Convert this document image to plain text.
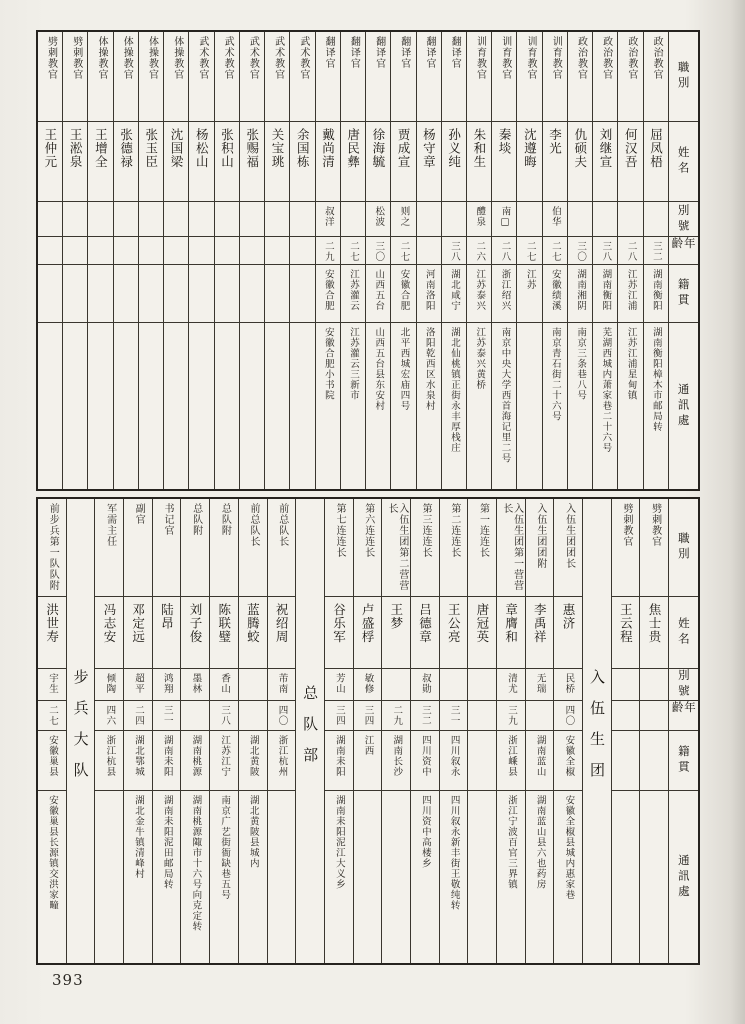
劈刺教官
王仲元
劈刺教官
王淞泉
体操教官
王增全
体操教官
张德禄
体操教官
张玉臣
体操教官
沈国梁
武术教官
杨松山
武术教官
张积山
武术教官
张赐福
武术教官
关宝珧
武术教官
余国栋
翻译官
戴尚清
叔洋
二九
安徽合肥
安徽合肥小书院
翻译官
唐民彝
二七
江苏灌云
江苏灌云三新市
翻译官
徐海毓
松波
三〇
山西五台
山西五台县东安村
翻译官
贾成宣
则之
二七
安徽合肥
北平西城宏庙四号
翻译官
杨守章
河南洛阳
洛阳乾西区水泉村
翻译官
孙义纯
三八
湖北咸宁
湖北仙桃镇正街永丰厚栈庄
训育教官
朱和生
醴泉
二六
江苏泰兴
江苏泰兴黄桥
训育教官
秦埮
南□
二八
浙江绍兴
南京中央大学西首海记里二号
训育教官
沈遵晦
二七
江苏
训育教官
李光
伯华
二七
安徽绩溪
南京青石街二十六号
政治教官
仇硕夫
三〇
湖南湘阴
南京三条巷八号
政治教官
刘继宣
三八
湖南衡阳
芜湖西城内萧家巷二十六号
政治教官
何汉吾
二八
江苏江浦
江苏江浦星甸镇
政治教官
屈凤梧
三二
湖南衡阳
湖南衡阳樟木市邮局转
職別
姓名
別號
年齡
籍貫
通訊處
前步兵第一队队附
洪世寿
宇生
二七
安徽巢县
安徽巢县长源镇交洪家疃
步兵大队
军需主任
冯志安
倾陶
四六
浙江杭县
副官
邓定远
超平
二四
湖北鄂城
湖北金牛镇清峰村
书记官
陆昂
鸿翔
三一
湖南耒阳
湖南耒阳泥田邮局转
总队附
刘子俊
墨林
湖南桃源
湖南桃源陬市十六号向克定转
总队附
陈联璧
香山
三八
江苏江宁
南京广艺街衙缺巷五号
前总队长
蓝腾蛟
湖北黄陂
湖北黄陂县城内
前总队长
祝绍周
芾南
四〇
浙江杭州 总队部
第七连连长
谷乐军
芳山
三四
湖南耒阳
湖南耒阳泥江大义乡
第六连连长
卢盛桴
敏修
三四
江西
入伍生团第二营营长
王梦
二九
湖南长沙
第三连连长
吕德章
叔勋
三二
四川资中
四川资中高楼乡
第二连连长
王公亮
三一
四川叙永
四川叙永新丰街王敬纯转
第一连连长
唐冠英
入伍生团第一营营长
章膺和
清尤
三九
浙江嵊县
浙江宁波百官三界镇
入伍生团团附
李禹祥
无瑞
湖南蓝山
湖南蓝山县六也药房
入伍生团团长
惠济
民桥
四〇
安徽全椒
安徽全椒县城内惠家巷
入伍生团
劈刺教官
王云程
劈刺教官
焦士贵
職別
姓名
別號
年齡
籍貫
通訊處
393
